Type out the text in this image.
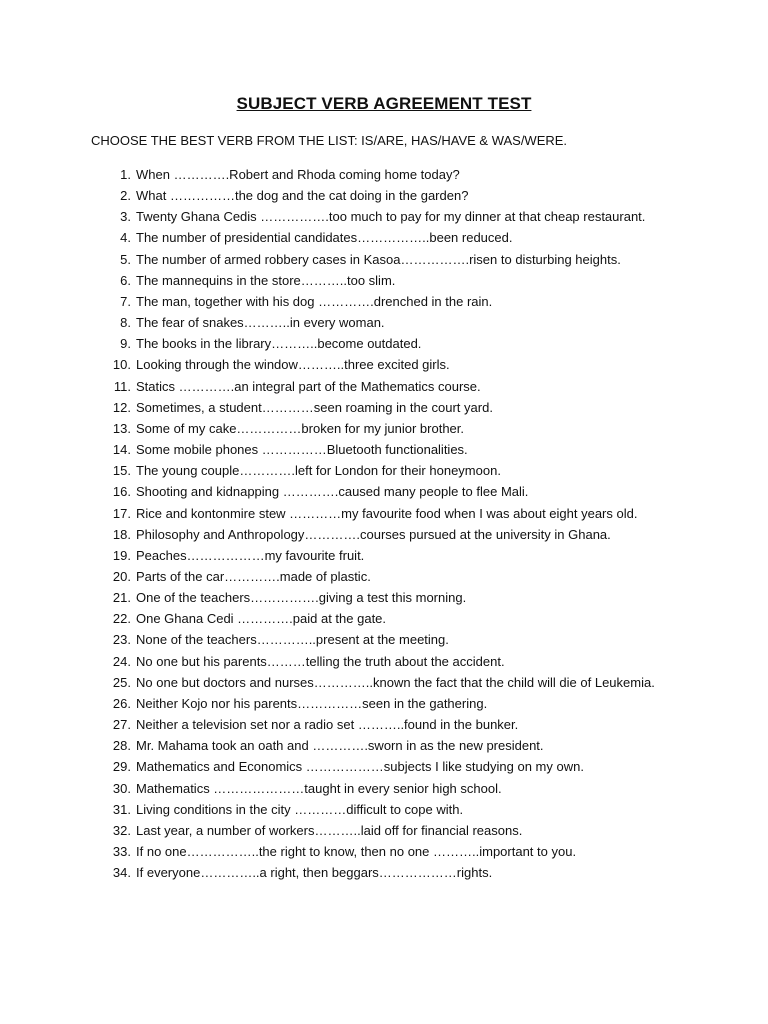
SUBJECT VERB AGREEMENT TEST
CHOOSE THE BEST VERB FROM THE LIST: IS/ARE, HAS/HAVE & WAS/WERE.
1. When ………….Robert and Rhoda coming home today?
2. What ……………the dog and the cat doing in the garden?
3. Twenty Ghana Cedis …………….too much to pay for my dinner at that cheap restaurant.
4. The number of presidential candidates……………..been reduced.
5. The number of armed robbery cases in Kasoa…………….risen to disturbing heights.
6. The mannequins in the store………..too slim.
7. The man, together with his dog ………….drenched in the rain.
8. The fear of snakes………..in every woman.
9. The books in the library………..become outdated.
10. Looking through the window………..three excited girls.
11. Statics ………….an integral part of the Mathematics course.
12. Sometimes, a student…………seen roaming in the court yard.
13. Some of my cake……………broken for my junior brother.
14. Some mobile phones ……………Bluetooth functionalities.
15. The young couple………….left for London for their honeymoon.
16. Shooting and kidnapping ………….caused many people to flee Mali.
17. Rice and kontonmire stew …………my favourite food when I was about eight years old.
18. Philosophy and Anthropology………….courses pursued at the university in Ghana.
19. Peaches………………my favourite fruit.
20. Parts of the car………….made of plastic.
21. One of the teachers…………….giving a test this morning.
22. One Ghana Cedi ………….paid at the gate.
23. None of the teachers…………..present at the meeting.
24. No one but his parents………telling the truth about the accident.
25. No one but doctors and nurses…………..known the fact that the child will die of Leukemia.
26. Neither Kojo nor his parents……………seen in the gathering.
27. Neither a television set nor a radio set ………..found in the bunker.
28. Mr. Mahama took an oath and ………….sworn in as the new president.
29. Mathematics and Economics ………………subjects I like studying on my own.
30. Mathematics …………………taught in every senior high school.
31. Living conditions in the city …………difficult to cope with.
32. Last year, a number of workers………..laid off for financial reasons.
33. If no one……………..the right to know, then no one ………..important to you.
34. If everyone…………..a right, then beggars………………rights.
